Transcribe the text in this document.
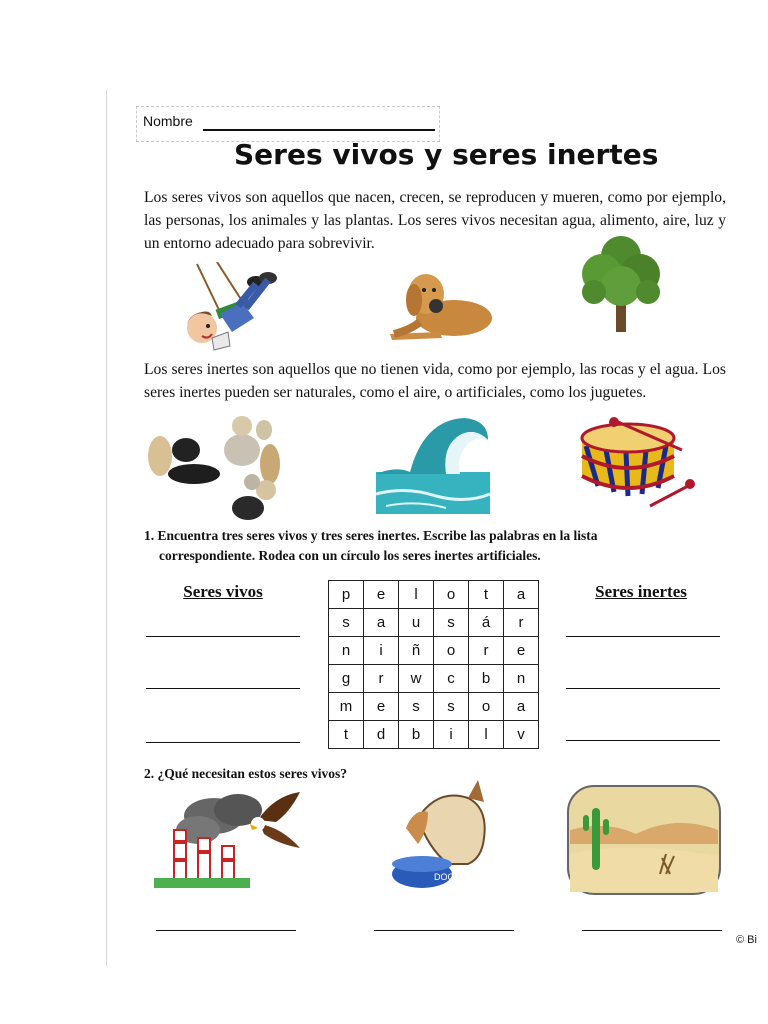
Nombre
Seres vivos y seres inertes

Los seres vivos son aquellos que nacen, crecen, se reproducen y mueren, como por ejemplo, las personas, los animales y las plantas. Los seres vivos necesitan agua, alimento, aire, luz y un entorno adecuado para sobrevivir.

Los seres inertes son aquellos que no tienen vida, como por ejemplo, las rocas y el agua. Los seres inertes pueden ser naturales, como el aire, o artificiales, como los juguetes.

1. Encuentra tres seres vivos y tres seres inertes. Escribe las palabras en la lista
correspondiente. Rodea con un círculo los seres inertes artificiales.
Seres vivos	Seres inertes
p	e	l	o	t	a
s	a	u	s	á	r
n	i	ñ	o	r	e
g	r	w	c	b	n
m	e	s	s	o	a
t	d	b	i	l	v
2. ¿Qué necesitan estos seres vivos?
DOG
© Bi
